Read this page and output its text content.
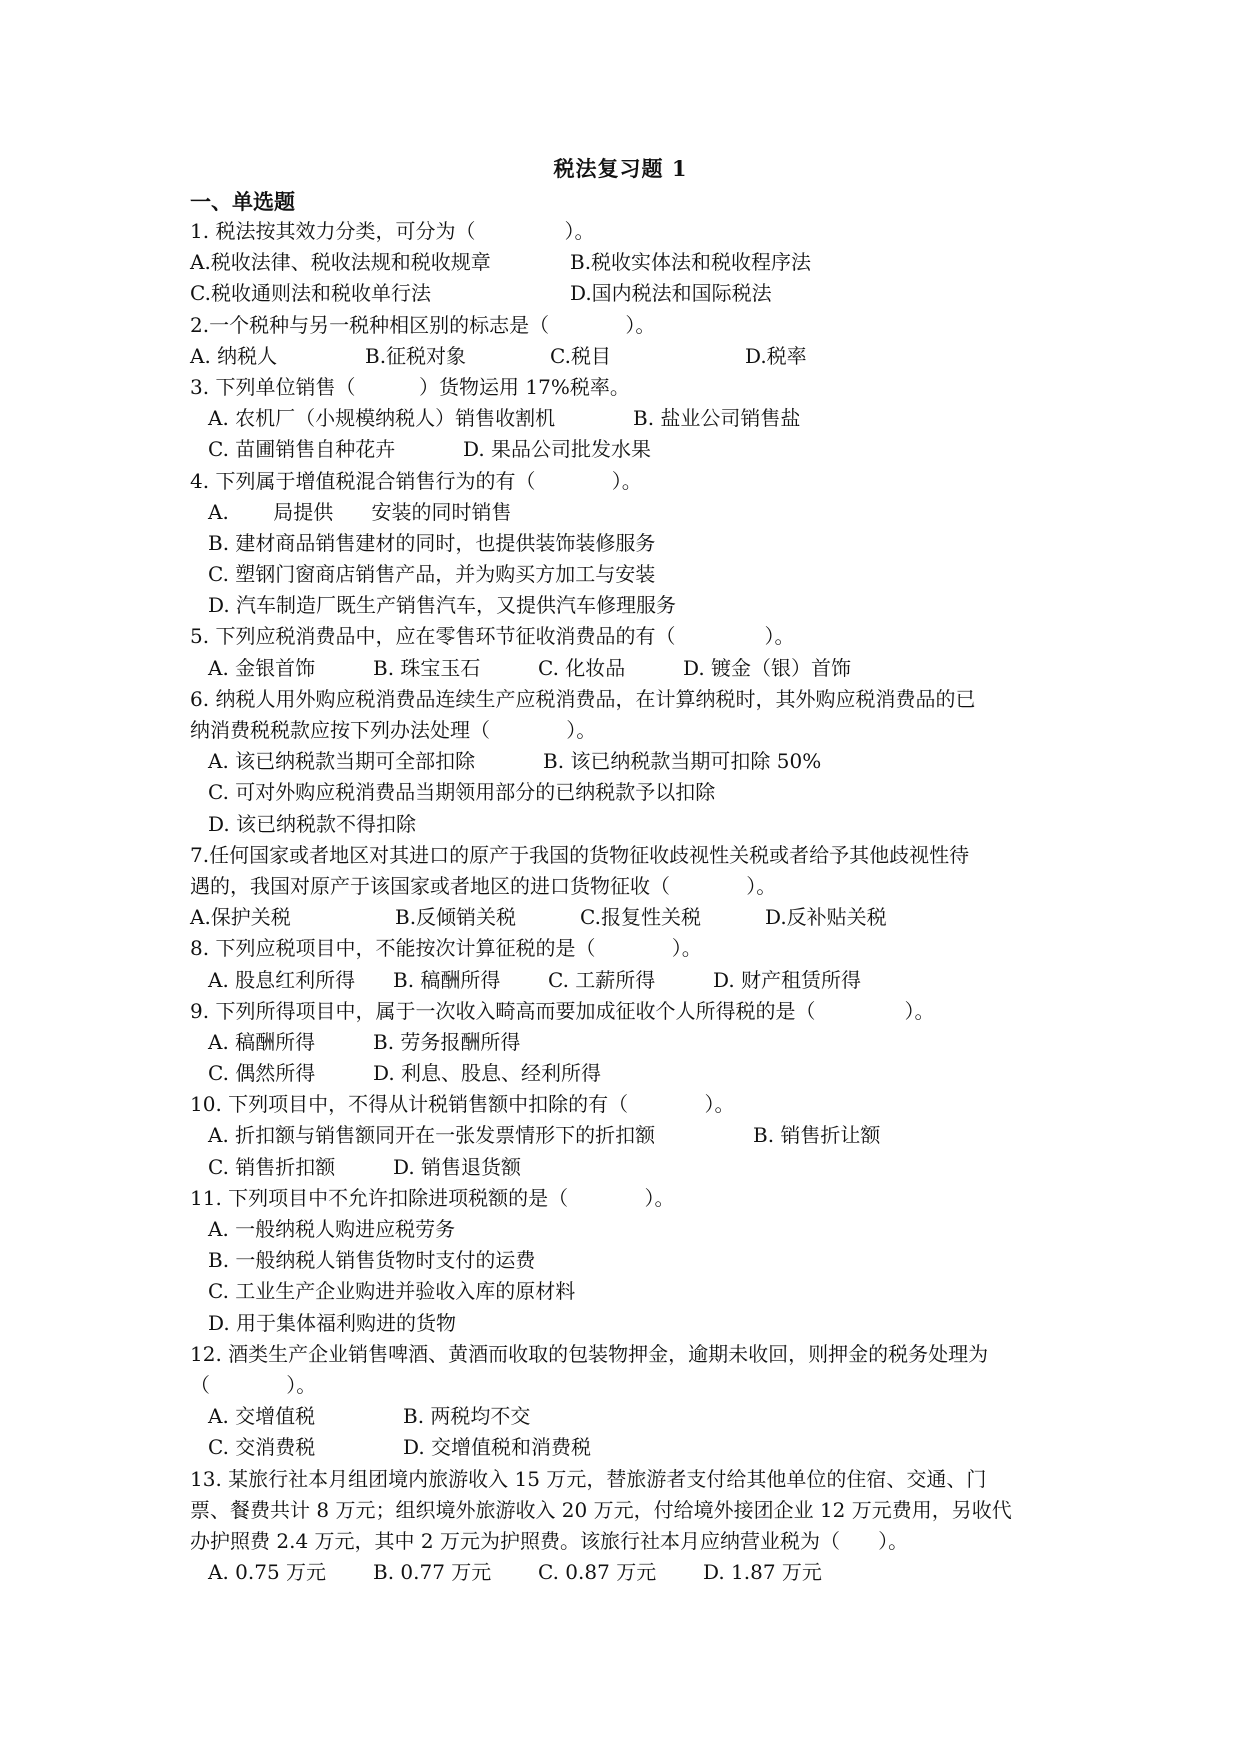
税法复习题 1
一、单选题
1. 税法按其效力分类，可分为（              ）。
A.税收法律、税收法规和税收规章	B.税收实体法和税收程序法
C.税收通则法和税收单行法	D.国内税法和国际税法
2.一个税种与另一税种相区别的标志是（            ）。
A. 纳税人	B.征税对象	C.税目	D.税率
3. 下列单位销售（          ）货物运用 17%税率。
A. 农机厂（小规模纳税人）销售收割机	B. 盐业公司销售盐
C. 苗圃销售自种花卉	D. 果品公司批发水果
4. 下列属于增值税混合销售行为的有（            ）。
A.       局提供      安装的同时销售
B. 建材商品销售建材的同时，也提供装饰装修服务
C. 塑钢门窗商店销售产品，并为购买方加工与安装
D. 汽车制造厂既生产销售汽车，又提供汽车修理服务
5. 下列应税消费品中，应在零售环节征收消费品的有（              ）。
A. 金银首饰	B. 珠宝玉石	C. 化妆品	D. 镀金（银）首饰
6. 纳税人用外购应税消费品连续生产应税消费品，在计算纳税时，其外购应税消费品的已
纳消费税税款应按下列办法处理（            ）。
A. 该已纳税款当期可全部扣除	B. 该已纳税款当期可扣除 50%
C. 可对外购应税消费品当期领用部分的已纳税款予以扣除
D. 该已纳税款不得扣除
7.任何国家或者地区对其进口的原产于我国的货物征收歧视性关税或者给予其他歧视性待
遇的，我国对原产于该国家或者地区的进口货物征收（            ）。
A.保护关税	B.反倾销关税	C.报复性关税	D.反补贴关税
8. 下列应税项目中，不能按次计算征税的是（            ）。
A. 股息红利所得 B. 稿酬所得 C. 工薪所得	D. 财产租赁所得
9. 下列所得项目中，属于一次收入畸高而要加成征收个人所得税的是（              ）。
A. 稿酬所得	B. 劳务报酬所得
C. 偶然所得	D. 利息、股息、经利所得
10. 下列项目中，不得从计税销售额中扣除的有（            ）。
A. 折扣额与销售额同开在一张发票情形下的折扣额	B. 销售折让额
C. 销售折扣额	D. 销售退货额
11. 下列项目中不允许扣除进项税额的是（            ）。
A. 一般纳税人购进应税劳务
B. 一般纳税人销售货物时支付的运费
C. 工业生产企业购进并验收入库的原材料
D. 用于集体福利购进的货物
12. 酒类生产企业销售啤酒、黄酒而收取的包装物押金，逾期未收回，则押金的税务处理为
（            ）。
A. 交增值税	B. 两税均不交
C. 交消费税	D. 交增值税和消费税
13. 某旅行社本月组团境内旅游收入 15 万元，替旅游者支付给其他单位的住宿、交通、门
票、餐费共计 8 万元；组织境外旅游收入 20 万元，付给境外接团企业 12 万元费用，另收代
办护照费 2.4 万元，其中 2 万元为护照费。该旅行社本月应纳营业税为（      ）。
A. 0.75 万元 B. 0.77 万元 C. 0.87 万元 D. 1.87 万元
